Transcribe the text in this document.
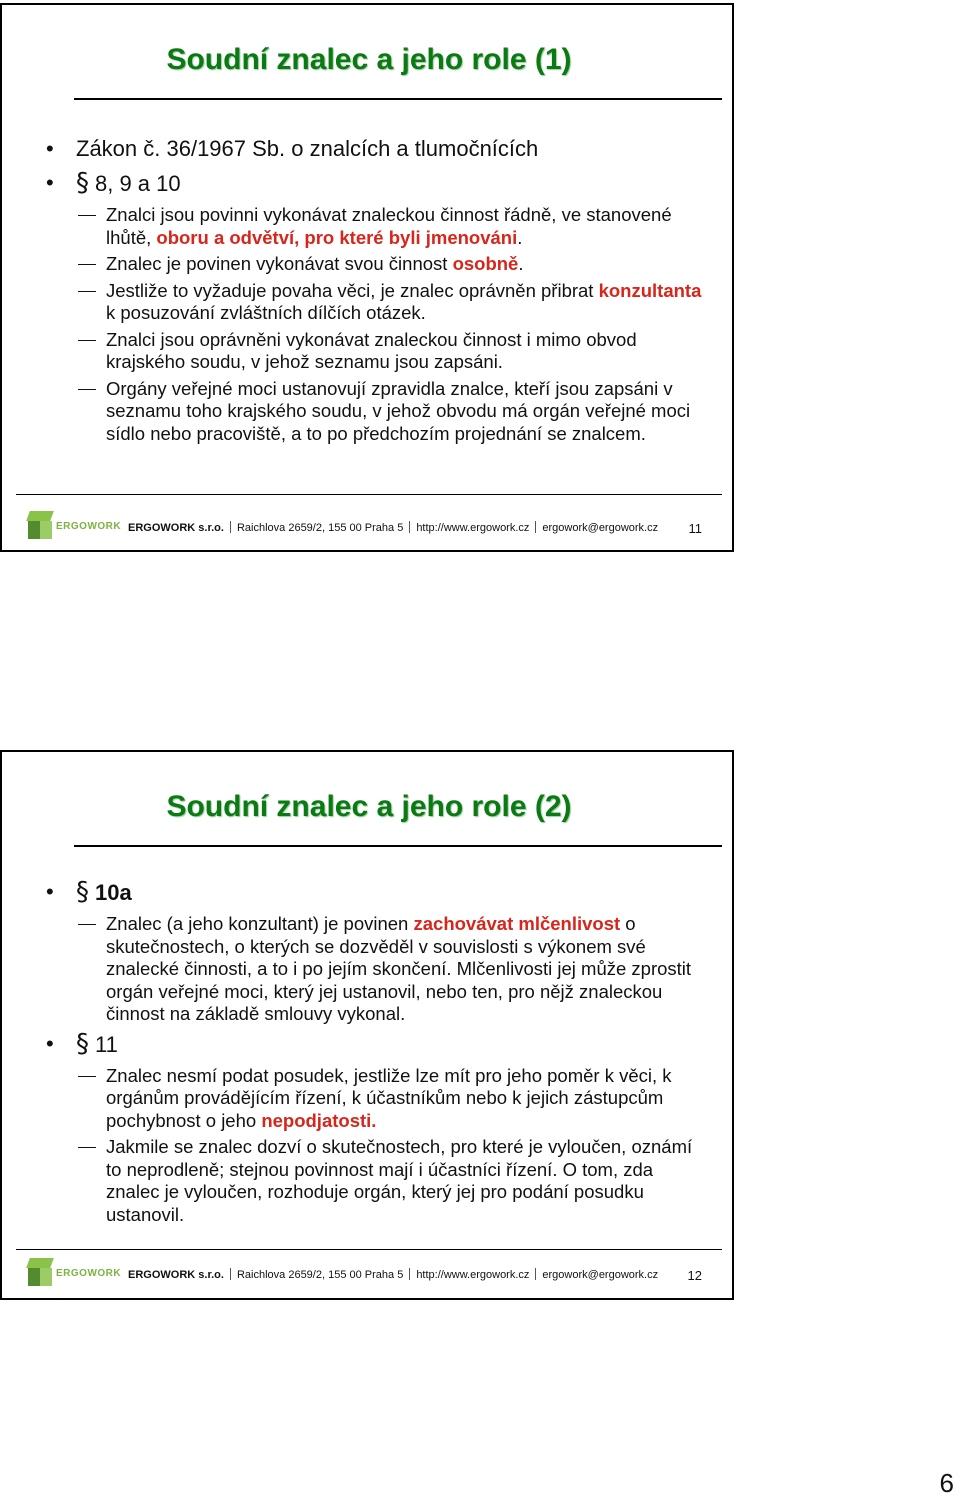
Soudní znalec a jeho role (1)
• Zákon č. 36/1967 Sb. o znalcích a tlumočnících
• § 8, 9 a 10
Znalci jsou povinni vykonávat znaleckou činnost řádně, ve stanovené lhůtě, oboru a odvětví, pro které byli jmenováni.
Znalec je povinen vykonávat svou činnost osobně.
Jestliže to vyžaduje povaha věci, je znalec oprávněn přibrat konzultanta k posuzování zvláštních dílčích otázek.
Znalci jsou oprávněni vykonávat znaleckou činnost i mimo obvod krajského soudu, v jehož seznamu jsou zapsáni.
Orgány veřejné moci ustanovují zpravidla znalce, kteří jsou zapsáni v seznamu toho krajského soudu, v jehož obvodu má orgán veřejné moci sídlo nebo pracoviště, a to po předchozím projednání se znalcem.
ERGOWORK ERGOWORK s.r.o. Raichlova 2659/2, 155 00 Praha 5 http://www.ergowork.cz ergowork@ergowork.cz 11
Soudní znalec a jeho role (2)
• § 10a
Znalec (a jeho konzultant) je povinen zachovávat mlčenlivost o skutečnostech, o kterých se dozvěděl v souvislosti s výkonem své znalecké činnosti, a to i po jejím skončení. Mlčenlivosti jej může zprostit orgán veřejné moci, který jej ustanovil, nebo ten, pro nějž znaleckou činnost na základě smlouvy vykonal.
• § 11
Znalec nesmí podat posudek, jestliže lze mít pro jeho poměr k věci, k orgánům provádějícím řízení, k účastníkům nebo k jejich zástupcům pochybnost o jeho nepodjatosti.
Jakmile se znalec dozví o skutečnostech, pro které je vyloučen, oznámí to neprodleně; stejnou povinnost mají i účastníci řízení. O tom, zda znalec je vyloučen, rozhoduje orgán, který jej pro podání posudku ustanovil.
ERGOWORK ERGOWORK s.r.o. Raichlova 2659/2, 155 00 Praha 5 http://www.ergowork.cz ergowork@ergowork.cz 12
6
